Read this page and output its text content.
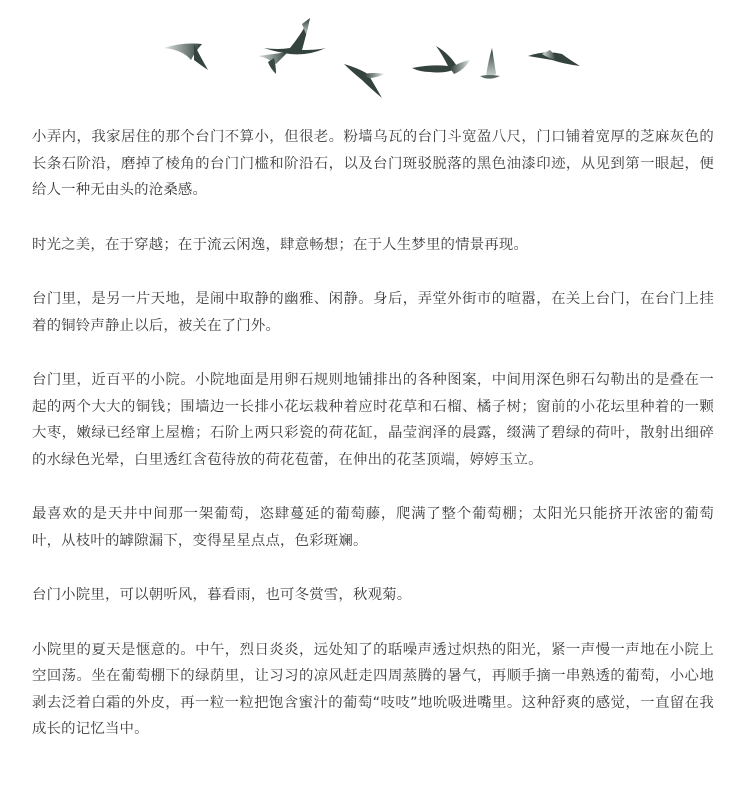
小弄内，我家居住的那个台门不算小，但很老。粉墙乌瓦的台门斗宽盈八尺，门口铺着宽厚的芝麻灰色的长条石阶沿，磨掉了棱角的台门门槛和阶沿石，以及台门斑驳脱落的黑色油漆印迹，从见到第一眼起，便给人一种无由头的沧桑感。

时光之美，在于穿越；在于流云闲逸，肆意畅想；在于人生梦里的情景再现。

台门里，是另一片天地，是闹中取静的幽雅、闲静。身后，弄堂外街市的喧嚣，在关上台门，在台门上挂着的铜铃声静止以后，被关在了门外。

台门里，近百平的小院。小院地面是用卵石规则地铺排出的各种图案，中间用深色卵石勾勒出的是叠在一起的两个大大的铜钱；围墙边一长排小花坛栽种着应时花草和石榴、橘子树；窗前的小花坛里种着的一颗大枣，嫩绿已经窜上屋檐；石阶上两只彩瓷的荷花缸，晶莹润泽的晨露，缀满了碧绿的荷叶，散射出细碎的水绿色光晕，白里透红含苞待放的荷花苞蕾，在伸出的花茎顶端，婷婷玉立。

最喜欢的是天井中间那一架葡萄，恣肆蔓延的葡萄藤，爬满了整个葡萄棚；太阳光只能挤开浓密的葡萄叶，从枝叶的罅隙漏下，变得星星点点，色彩斑斓。

台门小院里，可以朝听风，暮看雨，也可冬赏雪，秋观菊。

小院里的夏天是惬意的。中午，烈日炎炎，远处知了的聒噪声透过炽热的阳光，紧一声慢一声地在小院上空回荡。坐在葡萄棚下的绿荫里，让习习的凉风赶走四周蒸腾的暑气，再顺手摘一串熟透的葡萄，小心地剥去泛着白霜的外皮，再一粒一粒把饱含蜜汁的葡萄“吱吱”地吮吸进嘴里。这种舒爽的感觉，一直留在我成长的记忆当中。
